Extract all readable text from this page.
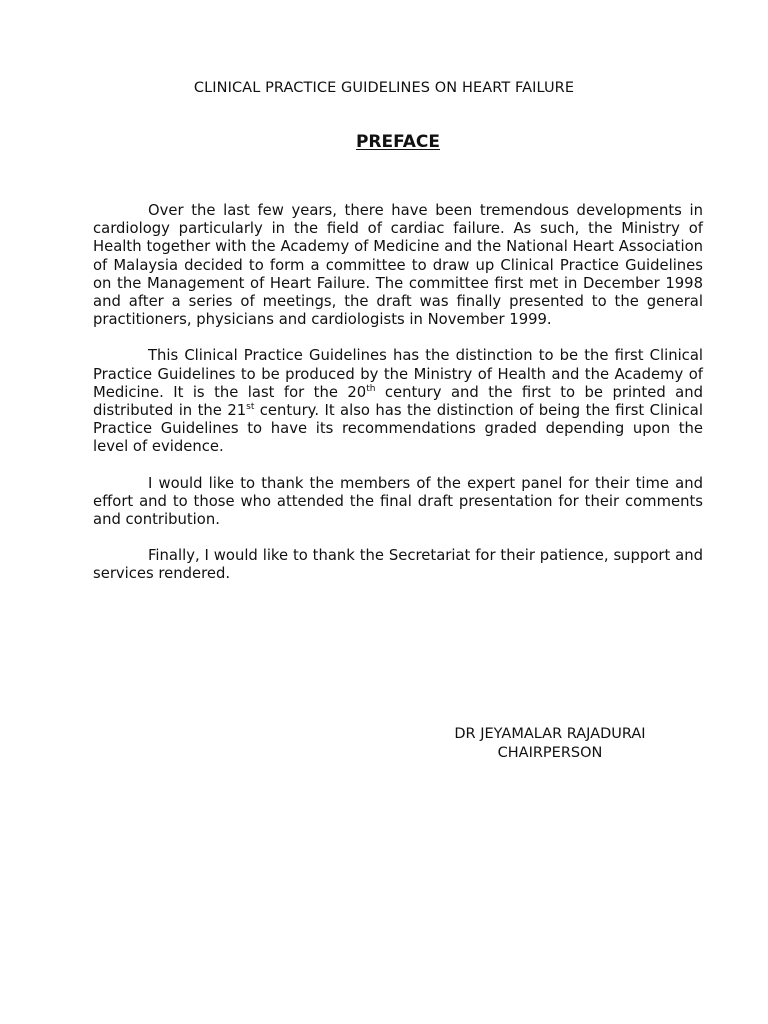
CLINICAL PRACTICE GUIDELINES ON HEART FAILURE
PREFACE

Over the last few years, there have been tremendous developments in cardiology particularly in the field of cardiac failure. As such, the Ministry of Health together with the Academy of Medicine and the National Heart Association of Malaysia decided to form a committee to draw up Clinical Practice Guidelines on the Management of Heart Failure. The committee first met in December 1998 and after a series of meetings, the draft was finally presented to the general practitioners, physicians and cardiologists in November 1999.

This Clinical Practice Guidelines has the distinction to be the first Clinical Practice Guidelines to be produced by the Ministry of Health and the Academy of Medicine. It is the last for the 20th century and the first to be printed and distributed in the 21st century. It also has the distinction of being the first Clinical Practice Guidelines to have its recommendations graded depending upon the level of evidence.

I would like to thank the members of the expert panel for their time and effort and to those who attended the final draft presentation for their comments and contribution.

Finally, I would like to thank the Secretariat for their patience, support and services rendered.

DR JEYAMALAR RAJADURAI
CHAIRPERSON
